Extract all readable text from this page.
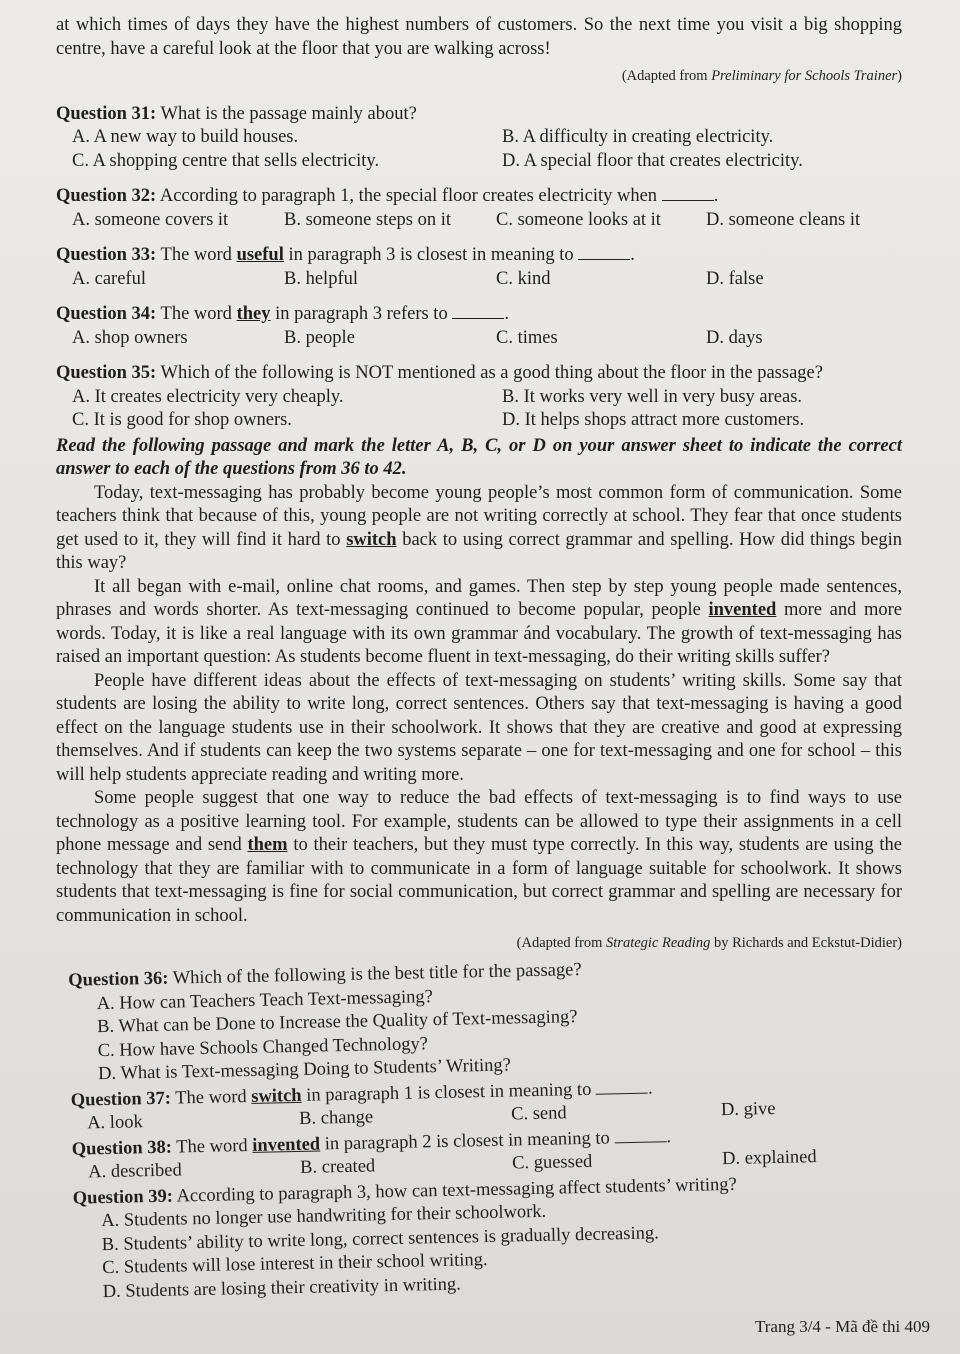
at which times of days they have the highest numbers of customers. So the next time you visit a big shopping centre, have a careful look at the floor that you are walking across!

(Adapted from Preliminary for Schools Trainer)

Question 31: What is the passage mainly about?
A. A new way to build houses.	B. A difficulty in creating electricity.
C. A shopping centre that sells electricity.	D. A special floor that creates electricity.
Question 32: According to paragraph 1, the special floor creates electricity when	.
A. someone covers it	B. someone steps on it	C. someone looks at it	D. someone cleans it
Question 33: The word useful in paragraph 3 is closest in meaning to	.
A. careful	B. helpful	C. kind	D. false
Question 34: The word they in paragraph 3 refers to	.
A. shop owners	B. people	C. times	D. days
Question 35: Which of the following is NOT mentioned as a good thing about the floor in the passage?
A. It creates electricity very cheaply.	B. It works very well in very busy areas.
C. It is good for shop owners.	D. It helps shops attract more customers.

Read the following passage and mark the letter A, B, C, or D on your answer sheet to indicate the correct answer to each of the questions from 36 to 42.

Today, text-messaging has probably become young people’s most common form of communication. Some teachers think that because of this, young people are not writing correctly at school. They fear that once students get used to it, they will find it hard to switch back to using correct grammar and spelling. How did things begin this way?

It all began with e-mail, online chat rooms, and games. Then step by step young people made sentences, phrases and words shorter. As text-messaging continued to become popular, people invented more and more words. Today, it is like a real language with its own grammar ánd vocabulary. The growth of text-messaging has raised an important question: As students become fluent in text-messaging, do their writing skills suffer?

People have different ideas about the effects of text-messaging on students’ writing skills. Some say that students are losing the ability to write long, correct sentences. Others say that text-messaging is having a good effect on the language students use in their schoolwork. It shows that they are creative and good at expressing themselves. And if students can keep the two systems separate – one for text-messaging and one for school – this will help students appreciate reading and writing more.

Some people suggest that one way to reduce the bad effects of text-messaging is to find ways to use technology as a positive learning tool. For example, students can be allowed to type their assignments in a cell phone message and send them to their teachers, but they must type correctly. In this way, students are using the technology that they are familiar with to communicate in a form of language suitable for schoolwork. It shows students that text-messaging is fine for social communication, but correct grammar and spelling are necessary for communication in school.

(Adapted from Strategic Reading by Richards and Eckstut-Didier)

Question 36: Which of the following is the best title for the passage?
A. How can Teachers Teach Text-messaging?
B. What can be Done to Increase the Quality of Text-messaging?
C. How have Schools Changed Technology?
D. What is Text-messaging Doing to Students’ Writing?
Question 37: The word switch in paragraph 1 is closest in meaning to	.
A. look	B. change	C. send	D. give
Question 38: The word invented in paragraph 2 is closest in meaning to	.
A. described	B. created	C. guessed	D. explained
Question 39: According to paragraph 3, how can text-messaging affect students’ writing?
A. Students no longer use handwriting for their schoolwork.
B. Students’ ability to write long, correct sentences is gradually decreasing.
C. Students will lose interest in their school writing.
D. Students are losing their creativity in writing.
Trang 3/4 - Mã đề thi 409
